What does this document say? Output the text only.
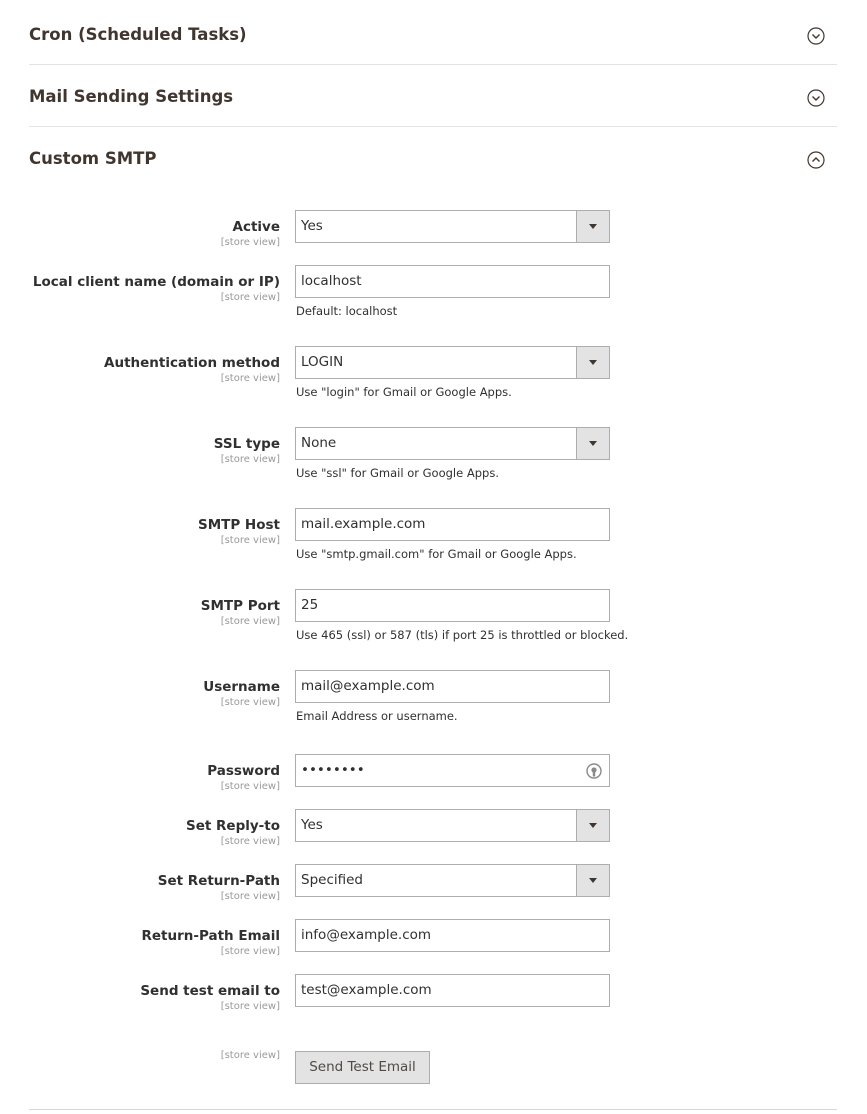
Cron (Scheduled Tasks)
Mail Sending Settings
Custom SMTP
Active
[store view]
Yes
Local client name (domain or IP)
[store view]
localhost
Default: localhost
Authentication method
[store view]
LOGIN
Use "login" for Gmail or Google Apps.
SSL type
[store view]
None
Use "ssl" for Gmail or Google Apps.
SMTP Host
[store view]
mail.example.com
Use "smtp.gmail.com" for Gmail or Google Apps.
SMTP Port
[store view]
25
Use 465 (ssl) or 587 (tls) if port 25 is throttled or blocked.
Username
[store view]
mail@example.com
Email Address or username.
Password
[store view]
••••••••
Set Reply-to
[store view]
Yes
Set Return-Path
[store view]
Specified
Return-Path Email
[store view]
info@example.com
Send test email to
[store view]
test@example.com
[store view]
Send Test Email
